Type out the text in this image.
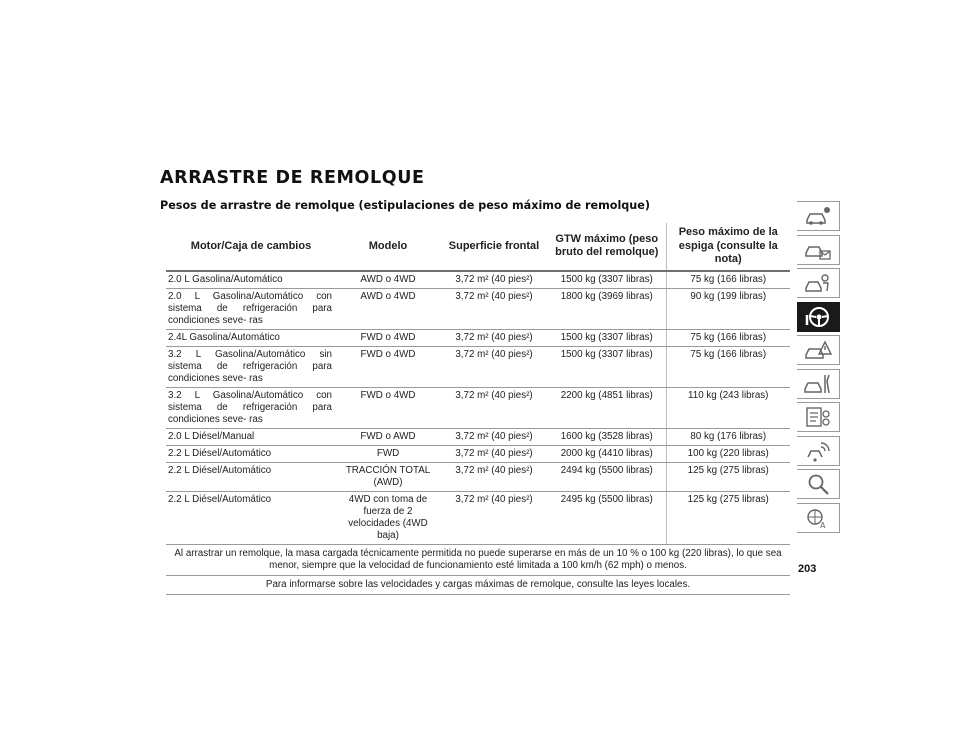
ARRASTRE DE REMOLQUE
Pesos de arrastre de remolque (estipulaciones de peso máximo de remolque)
Motor/Caja de cambios	Modelo	Superficie frontal	GTW máximo (peso bruto del remolque)	Peso máximo de la espiga (consulte la nota)
2.0 L Gasolina/Automático	AWD o 4WD	3,72 m² (40 pies²)	1500 kg (3307 libras)	75 kg (166 libras)
2.0 L Gasolina/Automático con sistema de refrigeración para condiciones seve- ras	AWD o 4WD	3,72 m² (40 pies²)	1800 kg (3969 libras)	90 kg (199 libras)
2.4L Gasolina/Automático	FWD o 4WD	3,72 m² (40 pies²)	1500 kg (3307 libras)	75 kg (166 libras)
3.2 L Gasolina/Automático sin sistema de refrigeración para condiciones seve- ras	FWD o 4WD	3,72 m² (40 pies²)	1500 kg (3307 libras)	75 kg (166 libras)
3.2 L Gasolina/Automático con sistema de refrigeración para condiciones seve- ras	FWD o 4WD	3,72 m² (40 pies²)	2200 kg (4851 libras)	110 kg (243 libras)
2.0 L Diésel/Manual	FWD o AWD	3,72 m² (40 pies²)	1600 kg (3528 libras)	80 kg (176 libras)
2.2 L Diésel/Automático	FWD	3,72 m² (40 pies²)	2000 kg (4410 libras)	100 kg (220 libras)
2.2 L Diésel/Automático	TRACCIÓN TOTAL (AWD)	3,72 m² (40 pies²)	2494 kg (5500 libras)	125 kg (275 libras)
2.2 L Diésel/Automático	4WD con toma de fuerza de 2 velocidades (4WD baja)	3,72 m² (40 pies²)	2495 kg (5500 libras)	125 kg (275 libras)
Al arrastrar un remolque, la masa cargada técnicamente permitida no puede superarse en más de un 10 % o 100 kg (220 libras), lo que sea menor, siempre que la velocidad de funcionamiento esté limitada a 100 km/h (62 mph) o menos.				
Para informarse sobre las velocidades y cargas máximas de remolque, consulte las leyes locales.				
A
203
